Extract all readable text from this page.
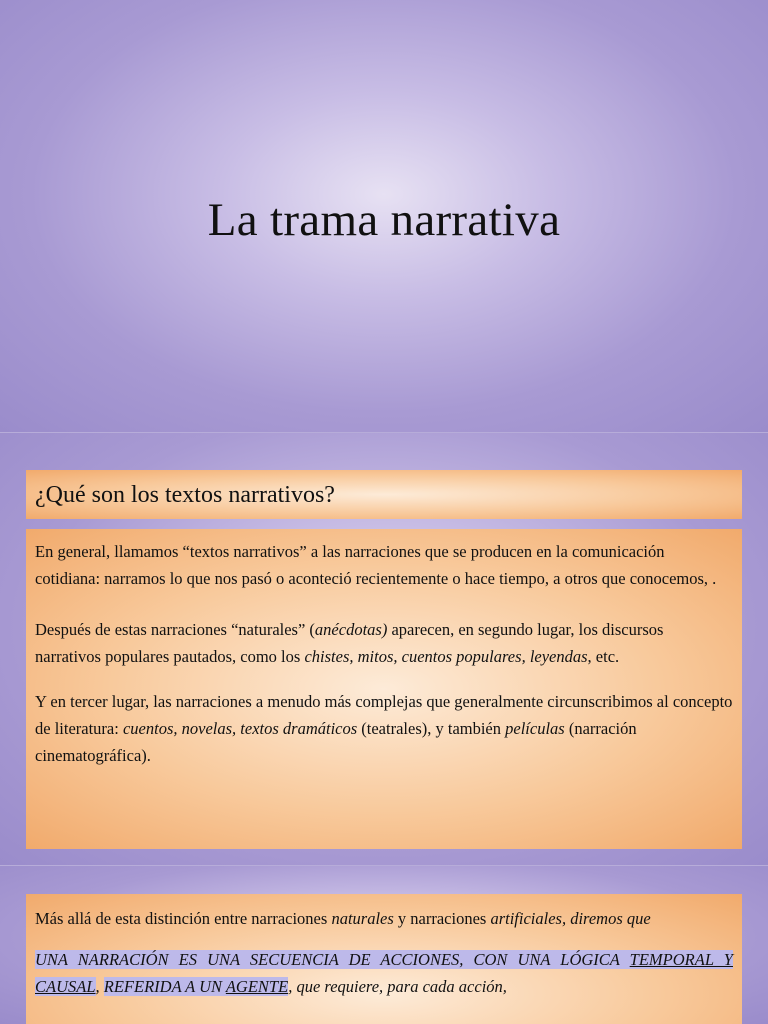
La trama narrativa
¿Qué son los textos narrativos?

En general, llamamos “textos narrativos” a las narraciones que se producen en la comunicación cotidiana: narramos lo que nos pasó o aconteció recientemente o hace tiempo, a otros que conocemos, .

Después de estas narraciones “naturales” (anécdotas) aparecen, en segundo lugar, los discursos narrativos populares pautados, como los chistes, mitos, cuentos populares, leyendas, etc.

Y en tercer lugar, las narraciones a menudo más complejas que generalmente circunscribimos al concepto de literatura: cuentos, novelas, textos dramáticos (teatrales), y también películas (narración cinematográfica).

Más allá de esta distinción entre narraciones naturales y narraciones artificiales, diremos que

UNA NARRACIÓN ES UNA SECUENCIA DE ACCIONES, CON UNA LÓGICA TEMPORAL Y CAUSAL, REFERIDA A UN AGENTE, que requiere, para cada acción,
